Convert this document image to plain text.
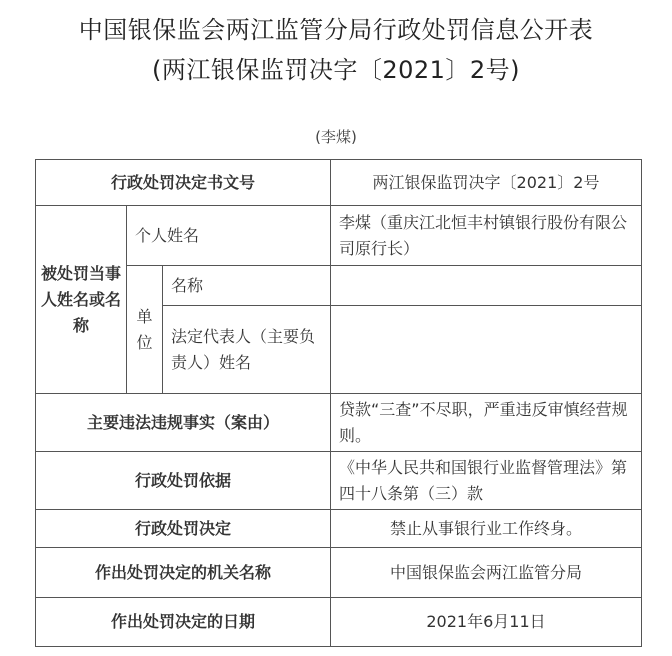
中国银保监会两江监管分局行政处罚信息公开表
(两江银保监罚决字〔2021〕2号)
(李煤)
行政处罚决定书文号			两江银保监罚决字〔2021〕2号
被处罚当事人姓名或名称	个人姓名		李煤（重庆江北恒丰村镇银行股份有限公司原行长）
	单位	名称	
		法定代表人（主要负责人）姓名	
主要违法违规事实（案由）			贷款“三查”不尽职，严重违反审慎经营规则。
行政处罚依据			《中华人民共和国银行业监督管理法》第四十八条第（三）款
行政处罚决定			禁止从事银行业工作终身。
作出处罚决定的机关名称			中国银保监会两江监管分局
作出处罚决定的日期			2021年6月11日
